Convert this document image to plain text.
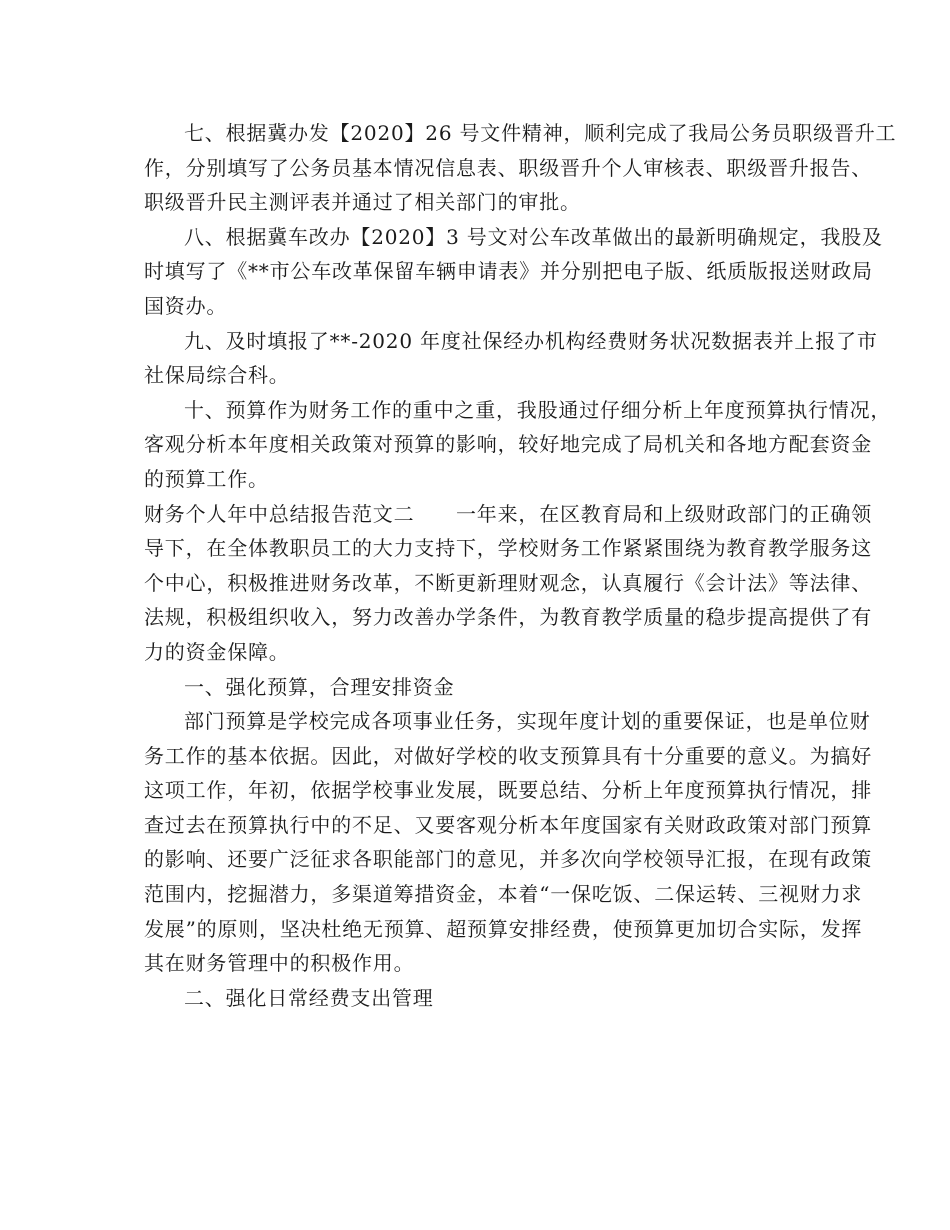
七、根据冀办发【2020】26 号文件精神，顺利完成了我局公务员职级晋升工
作，分别填写了公务员基本情况信息表、职级晋升个人审核表、职级晋升报告、
职级晋升民主测评表并通过了相关部门的审批。
八、根据冀车改办【2020】3 号文对公车改革做出的最新明确规定，我股及
时填写了《**市公车改革保留车辆申请表》并分别把电子版、纸质版报送财政局
国资办。
九、及时填报了**-2020 年度社保经办机构经费财务状况数据表并上报了市
社保局综合科。
十、预算作为财务工作的重中之重，我股通过仔细分析上年度预算执行情况，
客观分析本年度相关政策对预算的影响，较好地完成了局机关和各地方配套资金
的预算工作。
财务个人年中总结报告范文二　　一年来，在区教育局和上级财政部门的正确领
导下，在全体教职员工的大力支持下，学校财务工作紧紧围绕为教育教学服务这
个中心，积极推进财务改革，不断更新理财观念，认真履行《会计法》等法律、
法规，积极组织收入，努力改善办学条件，为教育教学质量的稳步提高提供了有
力的资金保障。
一、强化预算，合理安排资金
部门预算是学校完成各项事业任务，实现年度计划的重要保证，也是单位财
务工作的基本依据。因此，对做好学校的收支预算具有十分重要的意义。为搞好
这项工作，年初，依据学校事业发展，既要总结、分析上年度预算执行情况，排
查过去在预算执行中的不足、又要客观分析本年度国家有关财政政策对部门预算
的影响、还要广泛征求各职能部门的意见，并多次向学校领导汇报，在现有政策
范围内，挖掘潜力，多渠道筹措资金，本着“一保吃饭、二保运转、三视财力求
发展”的原则，坚决杜绝无预算、超预算安排经费，使预算更加切合实际，发挥
其在财务管理中的积极作用。
二、强化日常经费支出管理
